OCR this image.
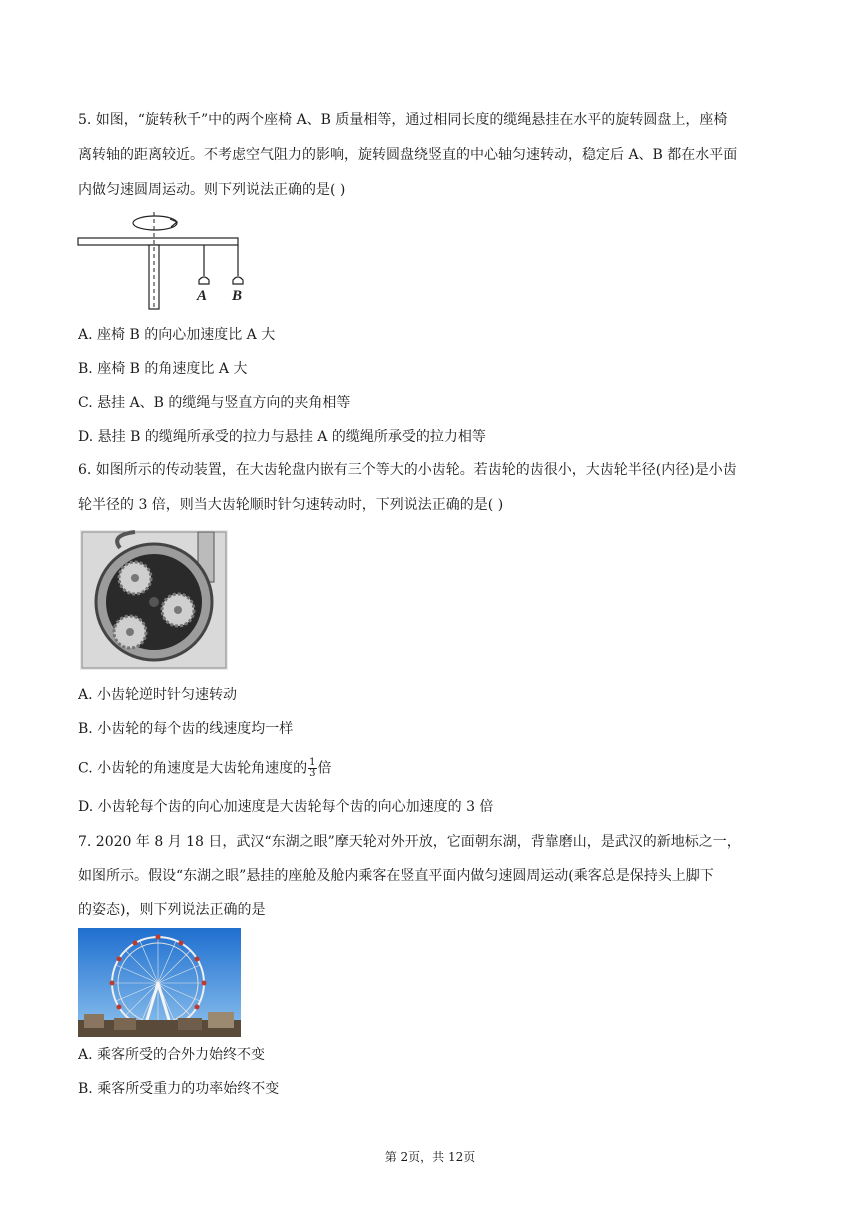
5. 如图，“旋转秋千”中的两个座椅 A、B 质量相等，通过相同长度的缆绳悬挂在水平的旋转圆盘上，座椅
离转轴的距离较近。不考虑空气阻力的影响，旋转圆盘绕竖直的中心轴匀速转动，稳定后 A、B 都在水平面
内做匀速圆周运动。则下列说法正确的是( )
A B
A. 座椅 B 的向心加速度比 A 大
B. 座椅 B 的角速度比 A 大
C. 悬挂 A、B 的缆绳与竖直方向的夹角相等
D. 悬挂 B 的缆绳所承受的拉力与悬挂 A 的缆绳所承受的拉力相等
6. 如图所示的传动装置，在大齿轮盘内嵌有三个等大的小齿轮。若齿轮的齿很小，大齿轮半径(内径)是小齿
轮半径的 3 倍，则当大齿轮顺时针匀速转动时，下列说法正确的是( )
A. 小齿轮逆时针匀速转动
B. 小齿轮的每个齿的线速度均一样
C. 小齿轮的角速度是大齿轮角速度的 $\frac{1}{3}$ 倍
D. 小齿轮每个齿的向心加速度是大齿轮每个齿的向心加速度的 3 倍
7. 2020 年 8 月 18 日，武汉“东湖之眼”摩天轮对外开放，它面朝东湖，背靠磨山，是武汉的新地标之一，
如图所示。假设“东湖之眼”悬挂的座舱及舱内乘客在竖直平面内做匀速圆周运动(乘客总是保持头上脚下
的姿态)，则下列说法正确的是
A. 乘客所受的合外力始终不变
B. 乘客所受重力的功率始终不变
第 2页，共 12页
